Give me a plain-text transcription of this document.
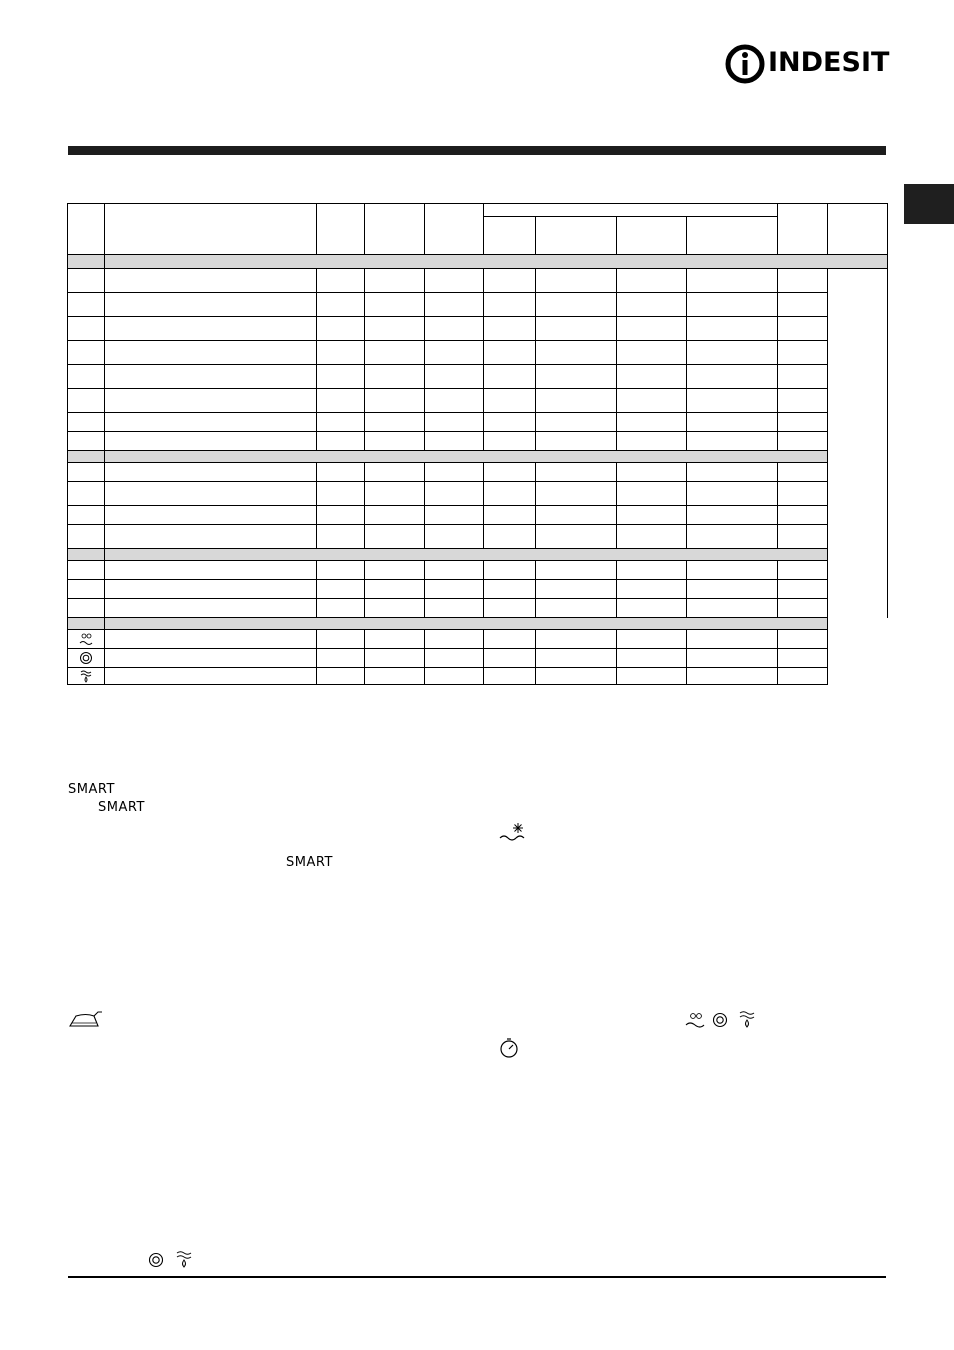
INDESIT

SMART
SMART
SMART
